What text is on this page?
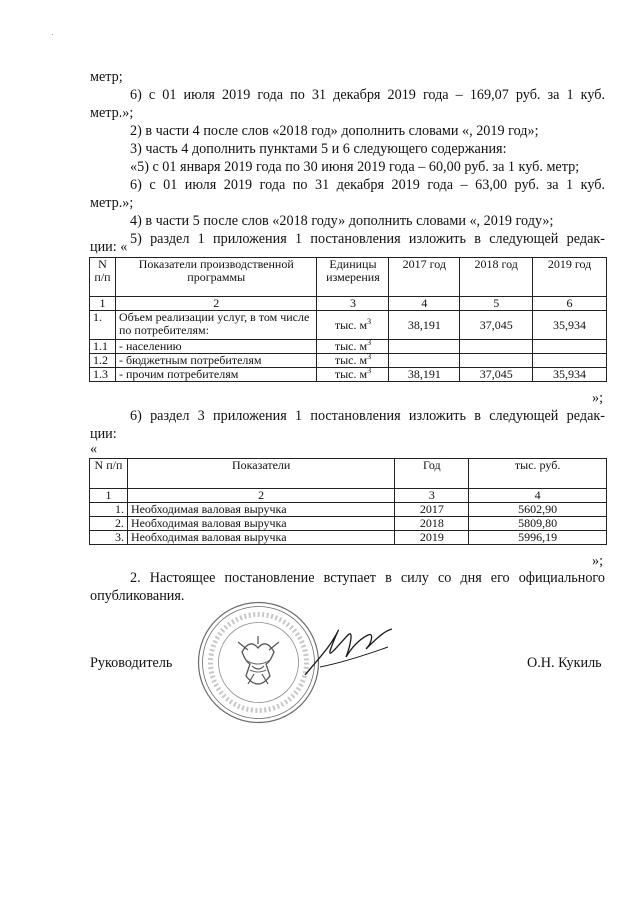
метр;
6) с 01 июля 2019 года по 31 декабря 2019 года – 169,07 руб. за 1 куб.
метр.»;
2) в части 4 после слов «2018 год» дополнить словами «, 2019 год»;
3) часть 4 дополнить пунктами 5 и 6 следующего содержания:
«5) с 01 января 2019 года по 30 июня 2019 года – 60,00 руб. за 1 куб. метр;
6) с 01 июля 2019 года по 31 декабря 2019 года – 63,00 руб. за 1 куб.
метр.»;
4) в части 5 после слов «2018 году» дополнить словами «, 2019 году»;
5) раздел 1 приложения 1 постановления изложить в следующей редак-
ции: «
N п/п	Показатели производственной программы	Единицы измерения	2017 год	2018 год	2019 год
1	2	3	4	5	6
1.	Объем реализации услуг, в том числе по потребителям:	тыс. $м^3$	38,191	37,045	35,934
1.1	- населению	тыс. $м^3$			
1.2	- бюджетным потребителям	тыс. $м^3$			
1.3	- прочим потребителям	тыс. $м^3$	38,191	37,045	35,934
»;
6) раздел 3 приложения 1 постановления изложить в следующей редак-
ции:
«
N п/п	Показатели	Год	тыс. руб.
1	2	3	4
1.	Необходимая валовая выручка	2017	5602,90
2.	Необходимая валовая выручка	2018	5809,80
3.	Необходимая валовая выручка	2019	5996,19
»;
2. Настоящее постановление вступает в силу со дня его официального
опубликования.
Руководитель	О.Н. Кукиль
